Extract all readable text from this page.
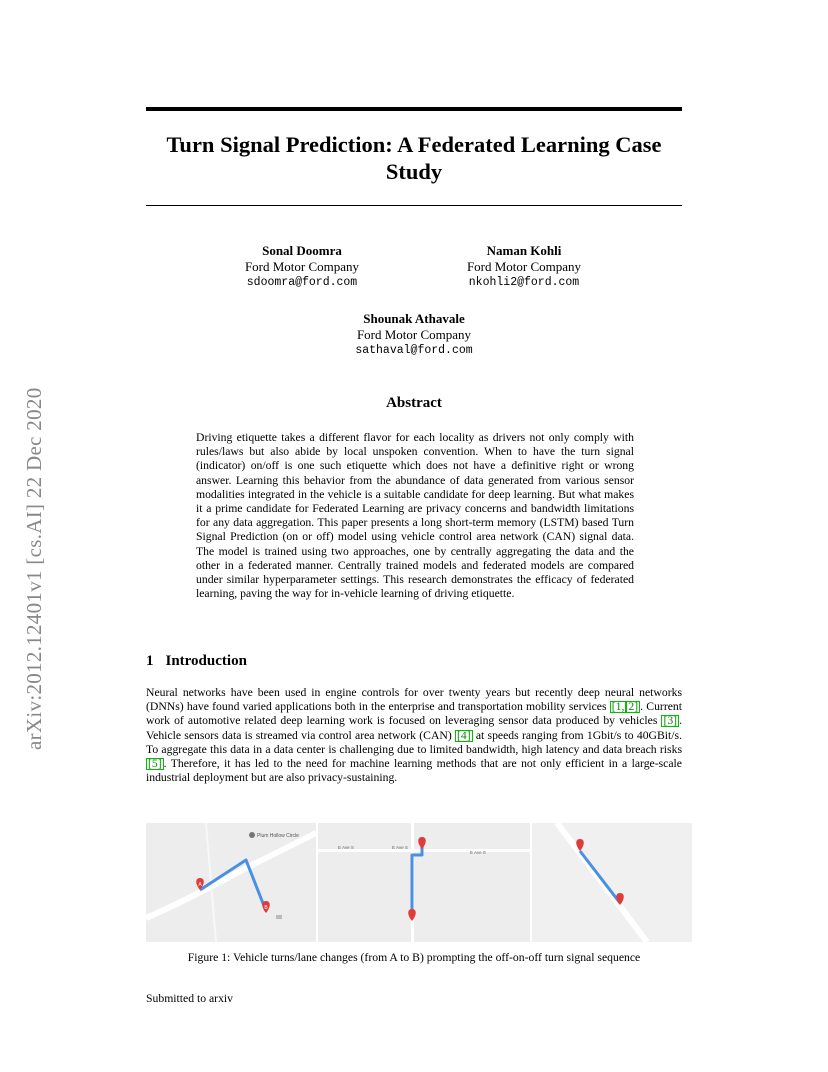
arXiv:2012.12401v1 [cs.AI] 22 Dec 2020
Turn Signal Prediction: A Federated Learning Case
Study
Sonal Doomra
Ford Motor Company
sdoomra@ford.com
Naman Kohli
Ford Motor Company
nkohli2@ford.com
Shounak Athavale
Ford Motor Company
sathaval@ford.com
Abstract
Driving etiquette takes a different flavor for each locality as drivers not only comply with rules/laws but also abide by local unspoken convention. When to have the turn signal (indicator) on/off is one such etiquette which does not have a definitive right or wrong answer. Learning this behavior from the abundance of data generated from various sensor modalities integrated in the vehicle is a suitable candidate for deep learning. But what makes it a prime candidate for Federated Learning are privacy concerns and bandwidth limitations for any data aggregation. This paper presents a long short-term memory (LSTM) based Turn Signal Prediction (on or off) model using vehicle control area network (CAN) signal data. The model is trained using two approaches, one by centrally aggregating the data and the other in a federated manner. Centrally trained models and federated models are compared under similar hyperparameter settings. This research demonstrates the efficacy of federated learning, paving the way for in-vehicle learning of driving etiquette.
1 Introduction
Neural networks have been used in engine controls for over twenty years but recently deep neural networks (DNNs) have found varied applications both in the enterprise and transportation mobility services [1, 2] . Current work of automotive related deep learning work is focused on leveraging sensor data produced by vehicles [3] . Vehicle sensors data is streamed via control area network (CAN) [4] at speeds ranging from 1Gbit/s to 40GBit/s. To aggregate this data in a data center is challenging due to limited bandwidth, high latency and data breach risks [5] . Therefore, it has led to the need for machine learning methods that are not only efficient in a large-scale industrial deployment but are also privacy-sustaining.
A
B
Plum Hollow Circle
E Ave S	E Ave S
E Ave S
Figure 1: Vehicle turns/lane changes (from A to B) prompting the off-on-off turn signal sequence
Submitted to arxiv
